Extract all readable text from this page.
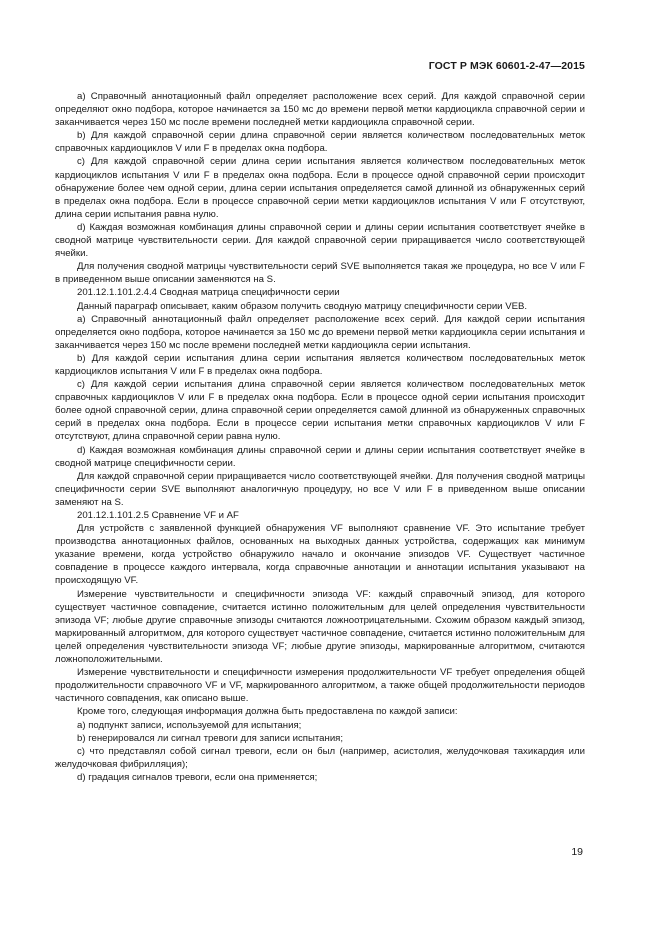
ГОСТ Р МЭК 60601-2-47—2015

a) Справочный аннотационный файл определяет расположение всех серий. Для каждой справочной серии определяют окно подбора, которое начинается за 150 мс до времени первой метки кардиоцикла справочной серии и заканчивается через 150 мс после времени последней метки кардиоцикла справочной серии.

b) Для каждой справочной серии длина справочной серии является количеством последовательных меток справочных кардиоциклов V или F в пределах окна подбора.

c) Для каждой справочной серии длина серии испытания является количеством последовательных меток кардиоциклов испытания V или F в пределах окна подбора. Если в процессе одной справочной серии происходит обнаружение более чем одной серии, длина серии испытания определяется самой длинной из обнаруженных серий в пределах окна подбора. Если в процессе справочной серии метки кардиоциклов испытания V или F отсутствуют, длина серии испытания равна нулю.

d) Каждая возможная комбинация длины справочной серии и длины серии испытания соответствует ячейке в сводной матрице чувствительности серии. Для каждой справочной серии приращивается число соответствующей ячейки.

Для получения сводной матрицы чувствительности серий SVE выполняется такая же процедура, но все V или F в приведенном выше описании заменяются на S.

201.12.1.101.2.4.4 Сводная матрица специфичности серии

Данный параграф описывает, каким образом получить сводную матрицу специфичности серии VEB.

a) Справочный аннотационный файл определяет расположение всех серий. Для каждой серии испытания определяется окно подбора, которое начинается за 150 мс до времени первой метки кардиоцикла серии испытания и заканчивается через 150 мс после времени последней метки кардиоцикла серии испытания.

b) Для каждой серии испытания длина серии испытания является количеством последовательных меток кардиоциклов испытания V или F в пределах окна подбора.

c) Для каждой серии испытания длина справочной серии является количеством последовательных меток справочных кардиоциклов V или F в пределах окна подбора. Если в процессе одной серии испытания происходит более одной справочной серии, длина справочной серии определяется самой длинной из обнаруженных справочных серий в пределах окна подбора. Если в процессе серии испытания метки справочных кардиоциклов V или F отсутствуют, длина справочной серии равна нулю.

d) Каждая возможная комбинация длины справочной серии и длины серии испытания соответствует ячейке в сводной матрице специфичности серии.

Для каждой справочной серии приращивается число соответствующей ячейки. Для получения сводной матрицы специфичности серии SVE выполняют аналогичную процедуру, но все V или F в приведенном выше описании заменяют на S.

201.12.1.101.2.5 Сравнение VF и AF

Для устройств с заявленной функцией обнаружения VF выполняют сравнение VF. Это испытание требует производства аннотационных файлов, основанных на выходных данных устройства, содержащих как минимум указание времени, когда устройство обнаружило начало и окончание эпизодов VF. Существует частичное совпадение в процессе каждого интервала, когда справочные аннотации и аннотации испытания указывают на происходящую VF.

Измерение чувствительности и специфичности эпизода VF: каждый справочный эпизод, для которого существует частичное совпадение, считается истинно положительным для целей определения чувствительности эпизода VF; любые другие справочные эпизоды считаются ложноотрицательными. Схожим образом каждый эпизод, маркированный алгоритмом, для которого существует частичное совпадение, считается истинно положительным для целей определения чувствительности эпизода VF; любые другие эпизоды, маркированные алгоритмом, считаются ложноположительными.

Измерение чувствительности и специфичности измерения продолжительности VF требует определения общей продолжительности справочного VF и VF, маркированного алгоритмом, а также общей продолжительности периодов частичного совпадения, как описано выше.

Кроме того, следующая информация должна быть предоставлена по каждой записи:

a) подпункт записи, используемой для испытания;

b) генерировался ли сигнал тревоги для записи испытания;

c) что представлял собой сигнал тревоги, если он был (например, асистолия, желудочковая тахикардия или желудочковая фибрилляция);

d) градация сигналов тревоги, если она применяется;

19
